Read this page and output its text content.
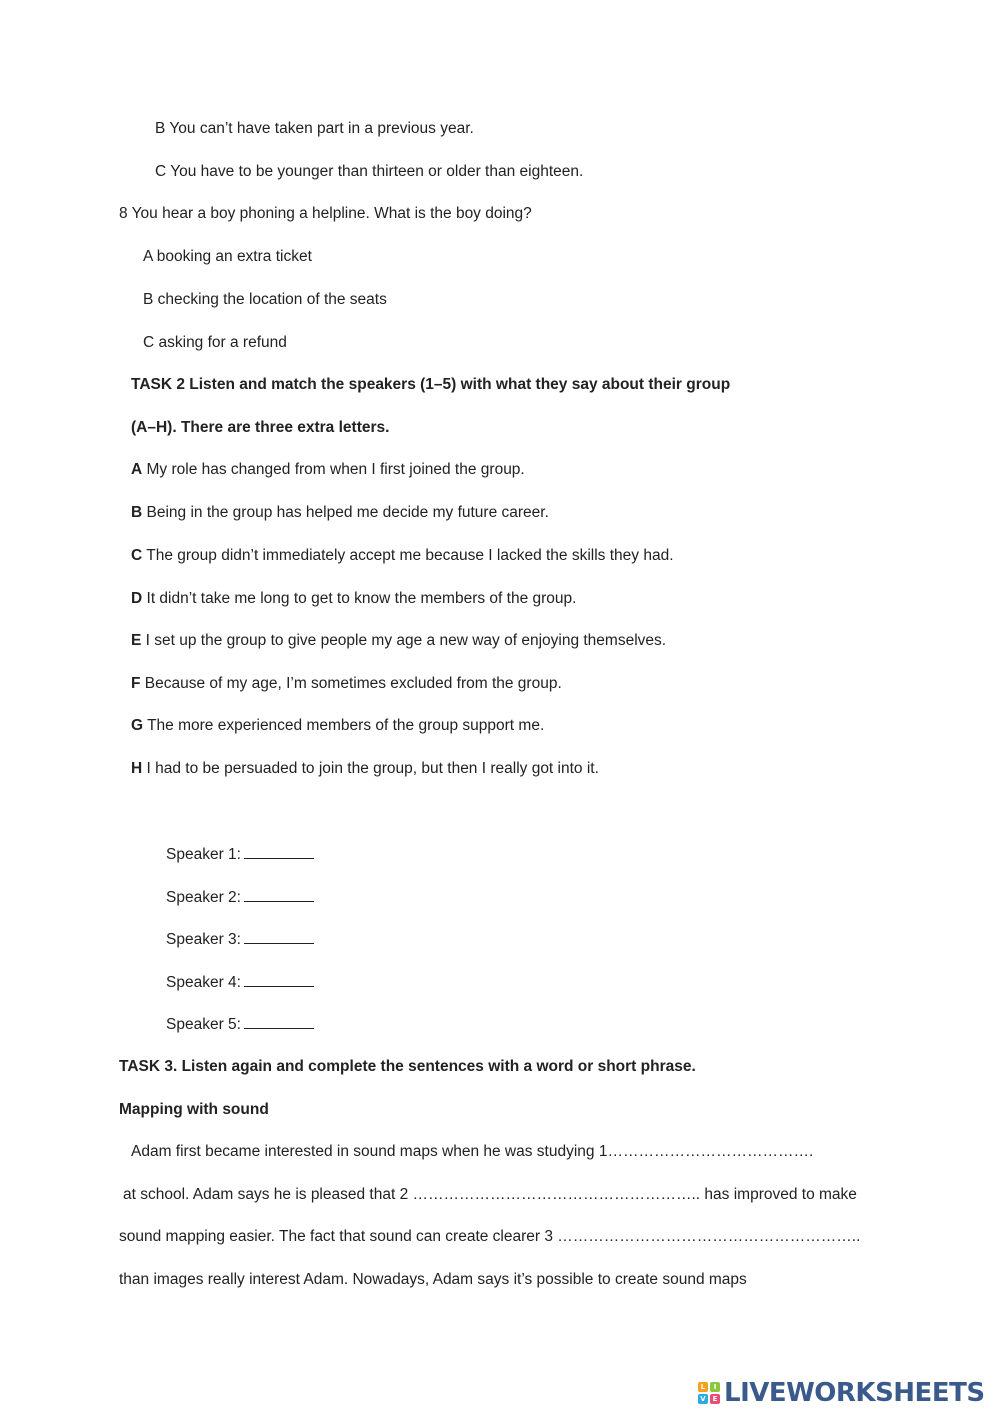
B You can’t have taken part in a previous year.
C You have to be younger than thirteen or older than eighteen.
8 You hear a boy phoning a helpline. What is the boy doing?
A booking an extra ticket
B checking the location of the seats
C asking for a refund
TASK 2 Listen and match the speakers (1–5) with what they say about their group
(A–H). There are three extra letters.
A My role has changed from when I first joined the group.
B Being in the group has helped me decide my future career.
C The group didn’t immediately accept me because I lacked the skills they had.
D It didn’t take me long to get to know the members of the group.
E I set up the group to give people my age a new way of enjoying themselves.
F Because of my age, I’m sometimes excluded from the group.
G The more experienced members of the group support me.
H I had to be persuaded to join the group, but then I really got into it.
Speaker 1:
Speaker 2:
Speaker 3:
Speaker 4:
Speaker 5:
TASK 3. Listen again and complete the sentences with a word or short phrase.
Mapping with sound
Adam first became interested in sound maps when he was studying 1………………………………….
at school. Adam says he is pleased that 2 ……………………………………………….. has improved to make
sound mapping easier. The fact that sound can create clearer 3 …………………………………………………..
than images really interest Adam. Nowadays, Adam says it’s possible to create sound maps
L	I
V E LIVEWORKSHEETS
